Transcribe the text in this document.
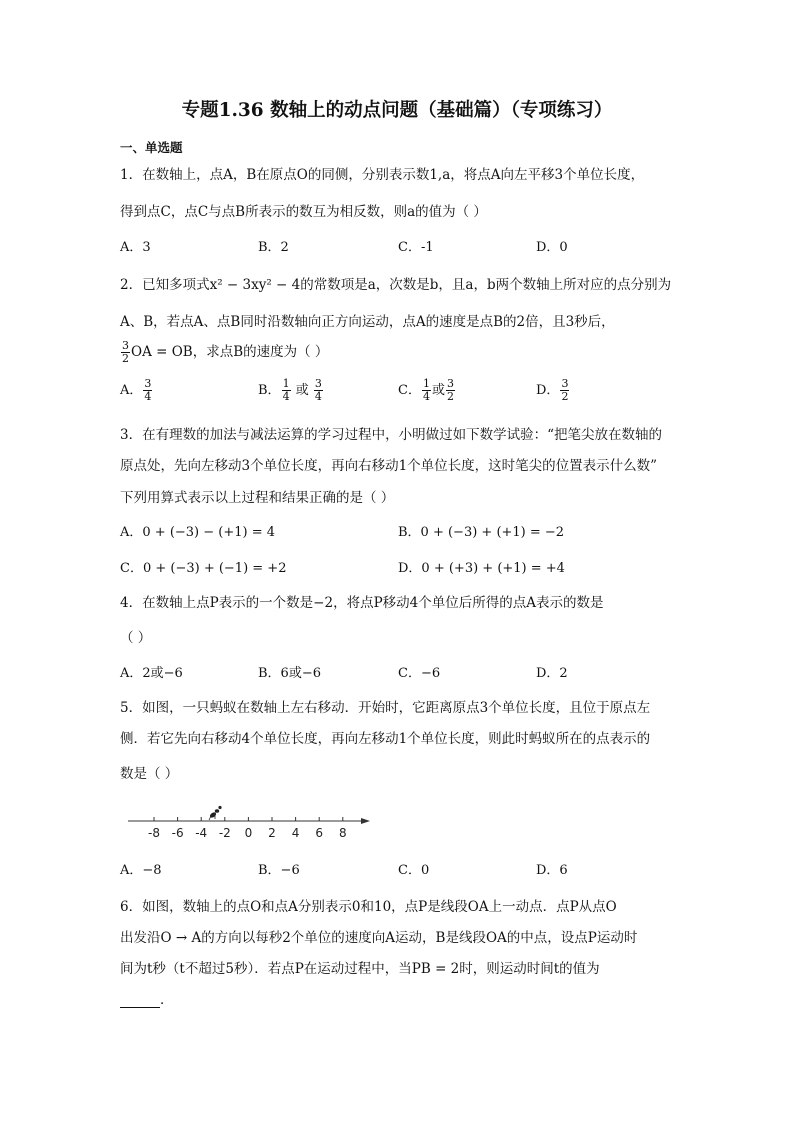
专题1.36 数轴上的动点问题（基础篇）（专项练习）
一、单选题
1．在数轴上，点A，B在原点O的同侧，分别表示数1,a，将点A向左平移3个单位长度，
得到点C，点C与点B所表示的数互为相反数，则a的值为（ ）
A．3	B．2	C．-1	D．0
2．已知多项式x² − 3xy² − 4的常数项是a，次数是b，且a，b两个数轴上所对应的点分别为
A、B，若点A、点B同时沿数轴向正方向运动，点A的速度是点B的2倍，且3秒后，
$\frac{3}{2}$ OA = OB，求点B的速度为（ ）
A． $\frac{3}{4}$	B． $\frac{1}{4}$ 或 $\frac{3}{4}$	C． $\frac{1}{4}$ 或 $\frac{3}{2}$	D． $\frac{3}{2}$
3．在有理数的加法与减法运算的学习过程中，小明做过如下数学试验：“把笔尖放在数轴的
原点处，先向左移动3个单位长度，再向右移动1个单位长度，这时笔尖的位置表示什么数”
下列用算式表示以上过程和结果正确的是（ ）
A．0 + (−3) − (+1) = 4	B．0 + (−3) + (+1) = −2
C．0 + (−3) + (−1) = +2	D．0 + (+3) + (+1) = +4
4．在数轴上点P表示的一个数是−2，将点P移动4个单位后所得的点A表示的数是
（ ）
A．2或−6	B．6或−6	C．−6	D．2
5．如图，一只蚂蚁在数轴上左右移动．开始时，它距离原点3个单位长度，且位于原点左
侧．若它先向右移动4个单位长度，再向左移动1个单位长度，则此时蚂蚁所在的点表示的
数是（ ）
-8 -6 -4 -2 0 2 4 6 8
A．−8	B．−6	C．0	D．6
6．如图，数轴上的点O和点A分别表示0和10，点P是线段OA上一动点．点P从点O
出发沿O → A的方向以每秒2个单位的速度向A运动，B是线段OA的中点，设点P运动时
间为t秒（t不超过5秒）．若点P在运动过程中，当PB = 2时，则运动时间t的值为
．
